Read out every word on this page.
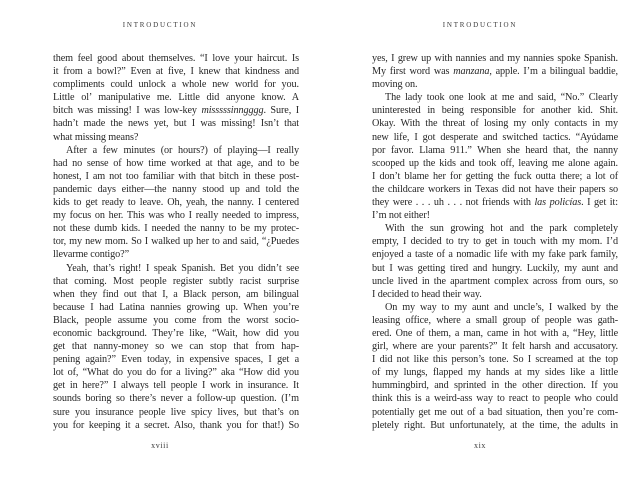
INTRODUCTION
them feel good about themselves. “I love your haircut. Is
it from a bowl?” Even at five, I knew that kindness and
compliments could unlock a whole new world for you.
Little ol’ manipulative me. Little did anyone know. A
bitch was missing! I was low-key misssssinngggg. Sure, I
hadn’t made the news yet, but I was missing! Isn’t that
what missing means?
After a few minutes (or hours?) of playing—I really
had no sense of how time worked at that age, and to be
honest, I am not too familiar with that bitch in these post-
pandemic days either—the nanny stood up and told the
kids to get ready to leave. Oh, yeah, the nanny. I centered
my focus on her. This was who I really needed to impress,
not these dumb kids. I needed the nanny to be my protec-
tor, my new mom. So I walked up her to and said, “¿Puedes
llevarme contigo?”
Yeah, that’s right! I speak Spanish. Bet you didn’t see
that coming. Most people register subtly racist surprise
when they find out that I, a Black person, am bilingual
because I had Latina nannies growing up. When you’re
Black, people assume you come from the worst socio-
economic background. They’re like, “Wait, how did you
get that nanny-money so we can stop that from hap-
pening again?” Even today, in expensive spaces, I get a
lot of, “What do you do for a living?” aka “How did you
get in here?” I always tell people I work in insurance. It
sounds boring so there’s never a follow-up question. (I’m
sure you insurance people live spicy lives, but that’s on
you for keeping it a secret. Also, thank you for that!) So
xviii
INTRODUCTION
yes, I grew up with nannies and my nannies spoke Spanish.
My first word was manzana, apple. I’m a bilingual baddie,
moving on.
The lady took one look at me and said, “No.” Clearly
uninterested in being responsible for another kid. Shit.
Okay. With the threat of losing my only contacts in my
new life, I got desperate and switched tactics. “Ayúdame
por favor. Llama 911.” When she heard that, the nanny
scooped up the kids and took off, leaving me alone again.
I don’t blame her for getting the fuck outta there; a lot of
the childcare workers in Texas did not have their papers so
they were . . . uh . . . not friends with las policías. I get it:
I’m not either!
With the sun growing hot and the park completely
empty, I decided to try to get in touch with my mom. I’d
enjoyed a taste of a nomadic life with my fake park family,
but I was getting tired and hungry. Luckily, my aunt and
uncle lived in the apartment complex across from ours, so
I decided to head their way.
On my way to my aunt and uncle’s, I walked by the
leasing office, where a small group of people was gath-
ered. One of them, a man, came in hot with a, “Hey, little
girl, where are your parents?” It felt harsh and accusatory.
I did not like this person’s tone. So I screamed at the top
of my lungs, flapped my hands at my sides like a little
hummingbird, and sprinted in the other direction. If you
think this is a weird-ass way to react to people who could
potentially get me out of a bad situation, then you’re com-
pletely right. But unfortunately, at the time, the adults in
xix
